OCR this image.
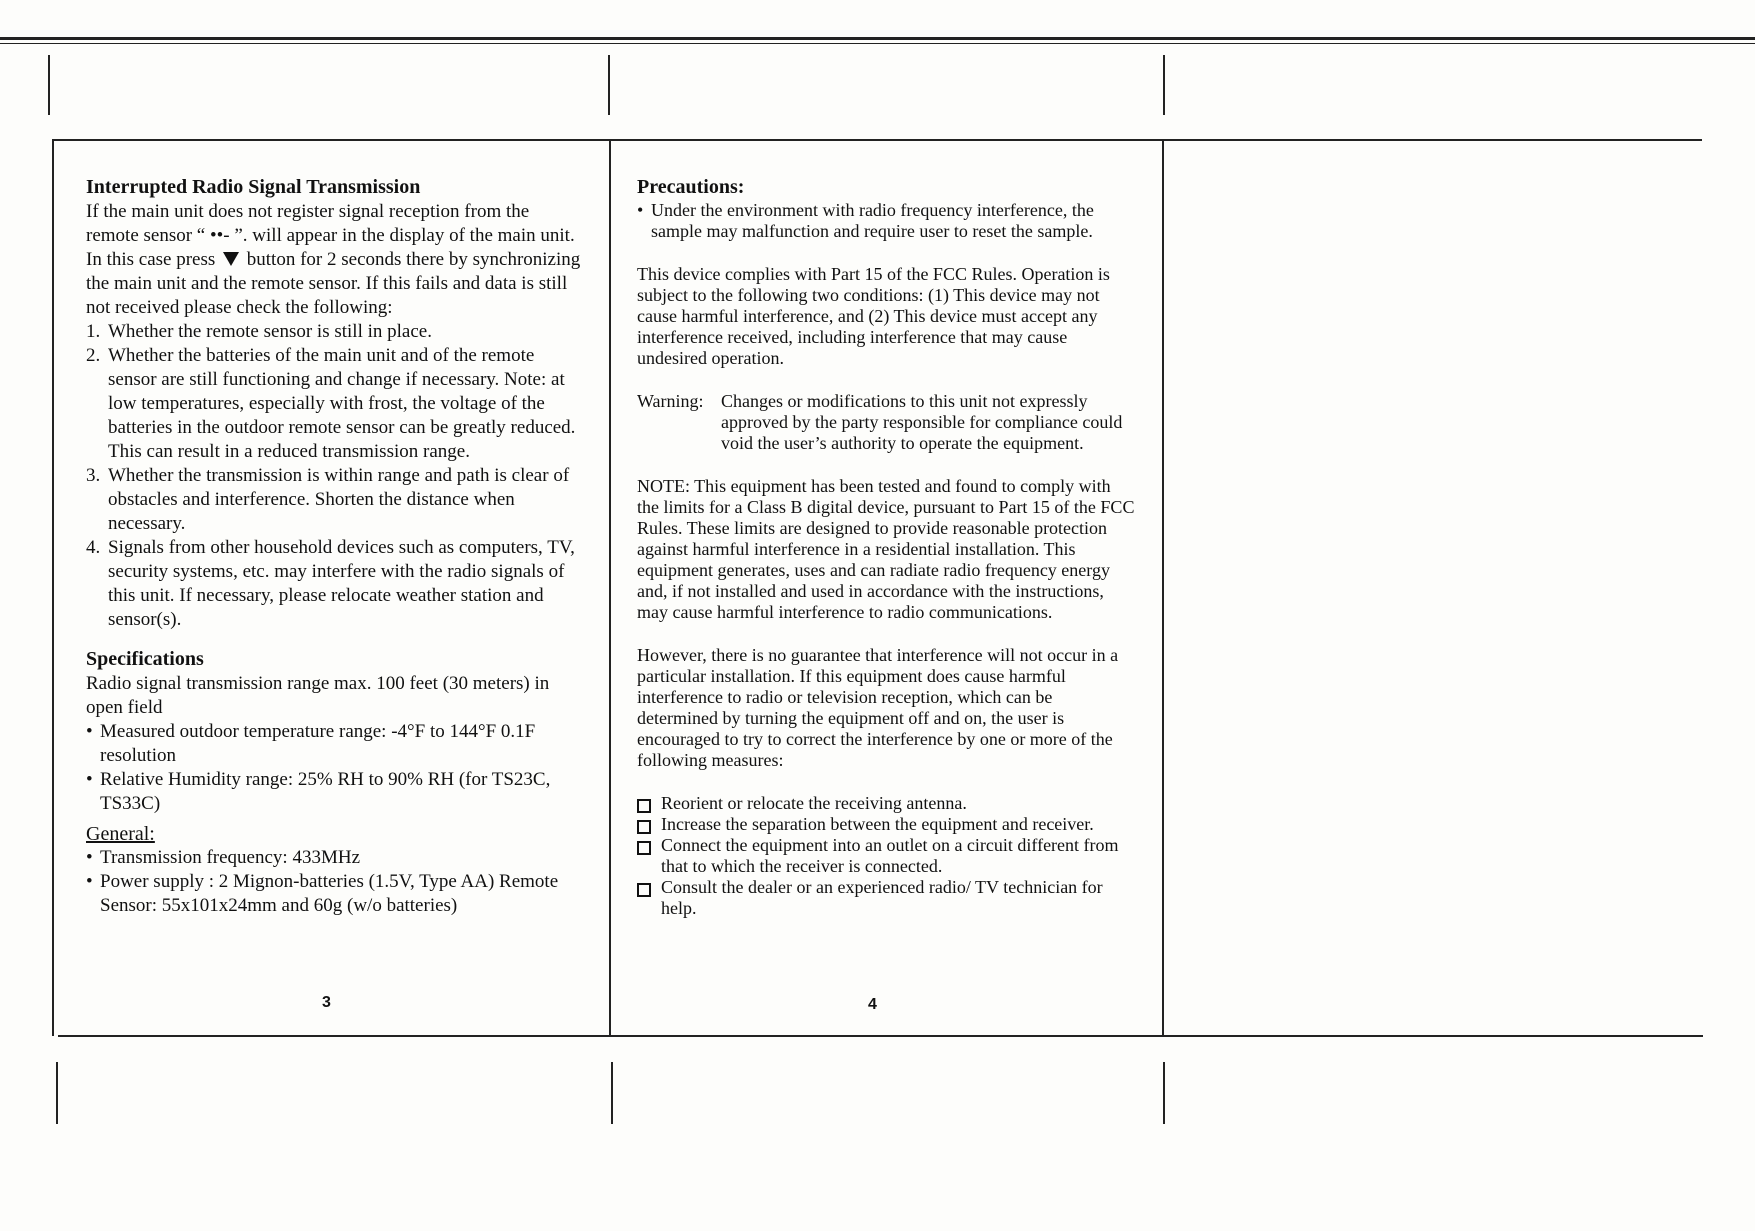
Interrupted Radio Signal Transmission

If the main unit does not register signal reception from the remote sensor “ ••- ”. will appear in the display of the main unit. In this case press button for 2 seconds there by synchronizing the main unit and the remote sensor. If this fails and data is still not received please check the following:

1. Whether the remote sensor is still in place.
2. Whether the batteries of the main unit and of the remote sensor are still functioning and change if necessary. Note: at low temperatures, especially with frost, the voltage of the batteries in the outdoor remote sensor can be greatly reduced. This can result in a reduced transmission range.
3. Whether the transmission is within range and path is clear of obstacles and interference. Shorten the distance when necessary.
4. Signals from other household devices such as computers, TV, security systems, etc. may interfere with the radio signals of this unit. If necessary, please relocate weather station and sensor(s).
Specifications

Radio signal transmission range max. 100 feet (30 meters) in open field

• Measured outdoor temperature range: -4°F to 144°F 0.1F resolution
• Relative Humidity range: 25% RH to 90% RH (for TS23C, TS33C)
General:
• Transmission frequency: 433MHz
• Power supply : 2 Mignon-batteries (1.5V, Type AA) Remote Sensor: 55x101x24mm and 60g (w/o batteries)
3
Precautions:
• Under the environment with radio frequency interference, the sample may malfunction and require user to reset the sample.

This device complies with Part 15 of the FCC Rules. Operation is subject to the following two conditions: (1) This device may not cause harmful interference, and (2) This device must accept any interference received, including interference that may cause undesired operation.

Warning: Changes or modifications to this unit not expressly approved by the party responsible for compliance could void the user’s authority to operate the equipment.

NOTE: This equipment has been tested and found to comply with the limits for a Class B digital device, pursuant to Part 15 of the FCC Rules. These limits are designed to provide reasonable protection against harmful interference in a residential installation. This equipment generates, uses and can radiate radio frequency energy and, if not installed and used in accordance with the instructions, may cause harmful interference to radio communications.

However, there is no guarantee that interference will not occur in a particular installation. If this equipment does cause harmful interference to radio or television reception, which can be determined by turning the equipment off and on, the user is encouraged to try to correct the interference by one or more of the following measures:

Reorient or relocate the receiving antenna.
Increase the separation between the equipment and receiver.
Connect the equipment into an outlet on a circuit different from that to which the receiver is connected.
Consult the dealer or an experienced radio/ TV technician for help.
4
